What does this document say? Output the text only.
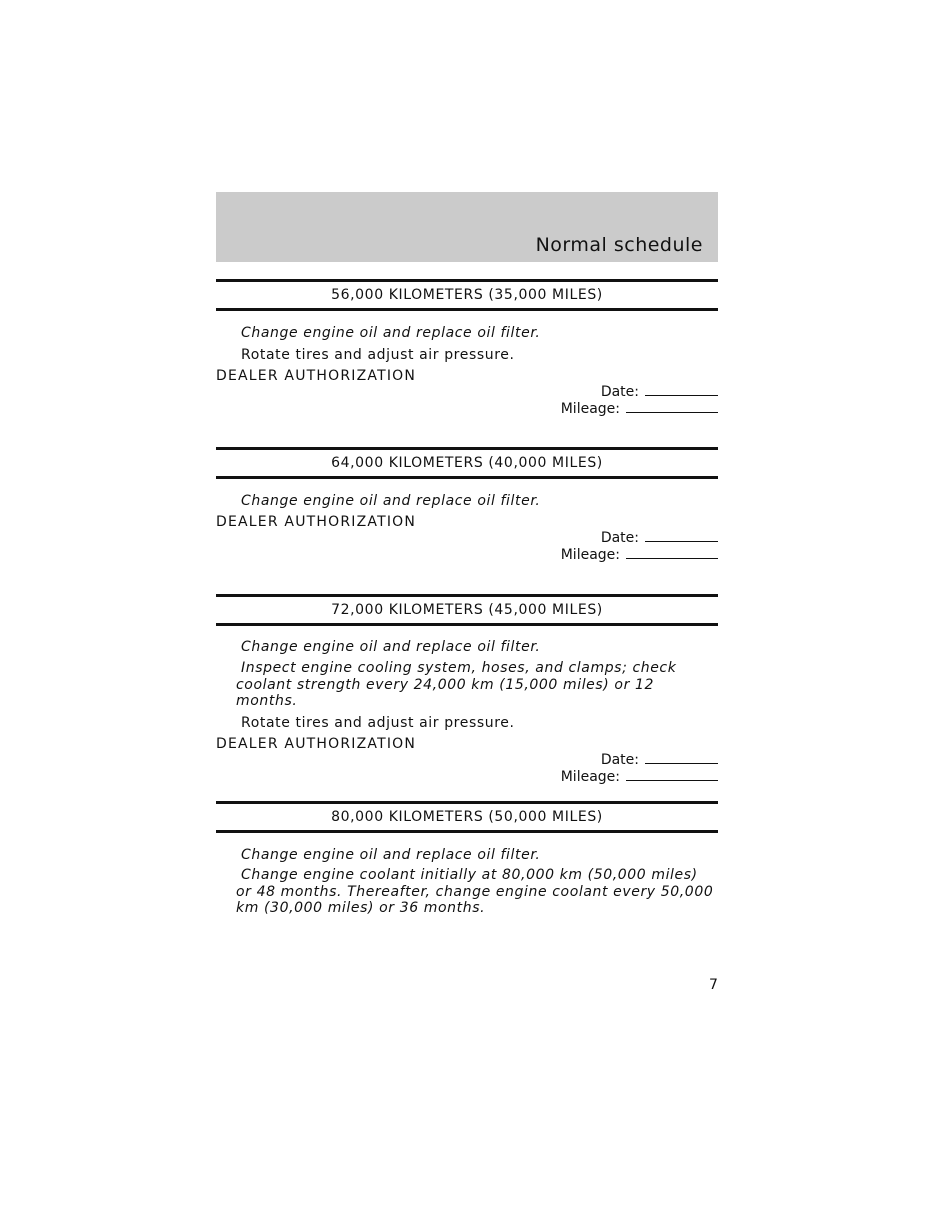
Normal schedule
56,000 KILOMETERS (35,000 MILES)
Change engine oil and replace oil filter.
Rotate tires and adjust air pressure.
DEALER AUTHORIZATION
Date:
Mileage:
64,000 KILOMETERS (40,000 MILES)
Change engine oil and replace oil filter.
DEALER AUTHORIZATION
Date:
Mileage:
72,000 KILOMETERS (45,000 MILES)
Change engine oil and replace oil filter.
Inspect engine cooling system, hoses, and clamps; check coolant strength every 24,000 km (15,000 miles) or 12 months.
Rotate tires and adjust air pressure.
DEALER AUTHORIZATION
Date:
Mileage:
80,000 KILOMETERS (50,000 MILES)
Change engine oil and replace oil filter.
Change engine coolant initially at 80,000 km (50,000 miles) or 48 months. Thereafter, change engine coolant every 50,000 km (30,000 miles) or 36 months.
7
